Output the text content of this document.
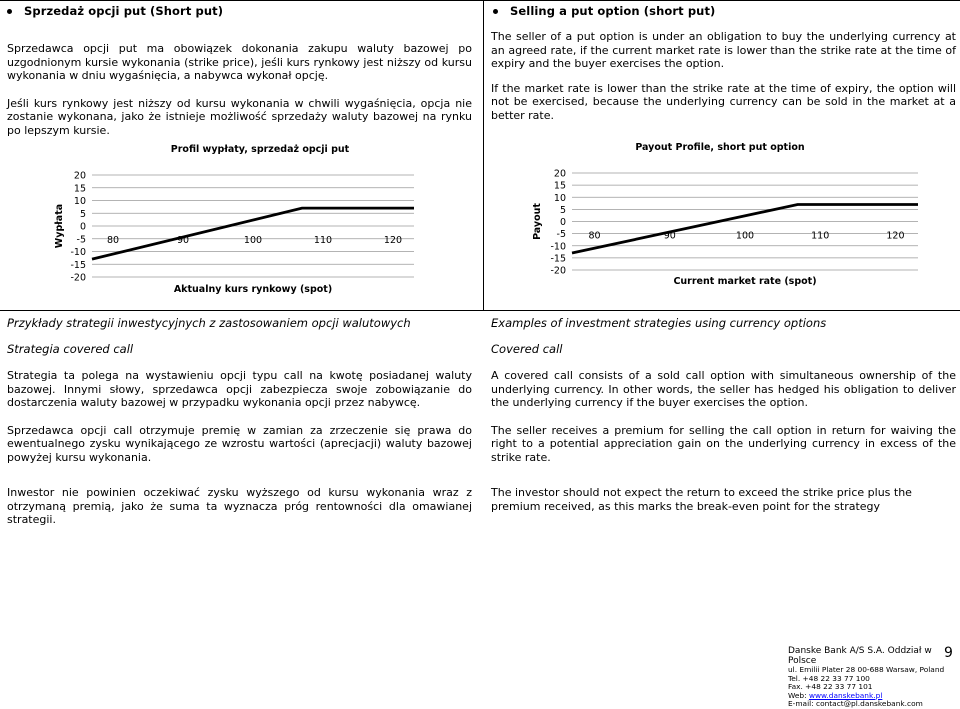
Sprzedaż opcji put (Short put)

Sprzedawca opcji put ma obowiązek dokonania zakupu waluty bazowej po uzgodnionym kursie wykonania (strike price), jeśli kurs rynkowy jest niższy od kursu wykonania w dniu wygaśnięcia, a nabywca wykonał opcję.

Jeśli kurs rynkowy jest niższy od kursu wykonania w chwili wygaśnięcia, opcja nie zostanie wykonana, jako że istnieje możliwość sprzedaży waluty bazowej na rynku po lepszym kursie.

Profil wypłaty, sprzedaż opcji put
20
15
10
5
0
-5
-10
-15
-20
80	90	100	110	120
Wypłata
Aktualny kurs rynkowy (spot)
Selling a put option (short put)

The seller of a put option is under an obligation to buy the underlying currency at an agreed rate, if the current market rate is lower than the strike rate at the time of expiry and the buyer exercises the option.

If the market rate is lower than the strike rate at the time of expiry, the option will not be exercised, because the underlying currency can be sold in the market at a better rate.

Payout Profile, short put option
20
15
10
5
0
-5
-10
-15
-20
80	90	100	110	120
Payout
Current market rate (spot)
Przykłady strategii inwestycyjnych z zastosowaniem opcji walutowych
Strategia covered call

Strategia ta polega na wystawieniu opcji typu call na kwotę posiadanej waluty bazowej. Innymi słowy, sprzedawca opcji zabezpiecza swoje zobowiązanie do dostarczenia waluty bazowej w przypadku wykonania opcji przez nabywcę.

Sprzedawca opcji call otrzymuje premię w zamian za zrzeczenie się prawa do ewentualnego zysku wynikającego ze wzrostu wartości (aprecjacji) waluty bazowej powyżej kursu wykonania.

Inwestor nie powinien oczekiwać zysku wyższego od kursu wykonania wraz z otrzymaną premią, jako że suma ta wyznacza próg rentowności dla omawianej strategii.

Examples of investment strategies using currency options
Covered call

A covered call consists of a sold call option with simultaneous ownership of the underlying currency. In other words, the seller has hedged his obligation to deliver the underlying currency if the buyer exercises the option.

The seller receives a premium for selling the call option in return for waiving the right to a potential appreciation gain on the underlying currency in excess of the strike rate.

The investor should not expect the return to exceed the strike price plus the premium received, as this marks the break-even point for the strategy

Danske Bank A/S S.A. Oddział w Polsce
ul. Emilii Plater 28 00-688 Warsaw, Poland
Tel. +48 22 33 77 100
Fax. +48 22 33 77 101
Web: www.danskebank.pl
E-mail: contact@pl.danskebank.com
9
